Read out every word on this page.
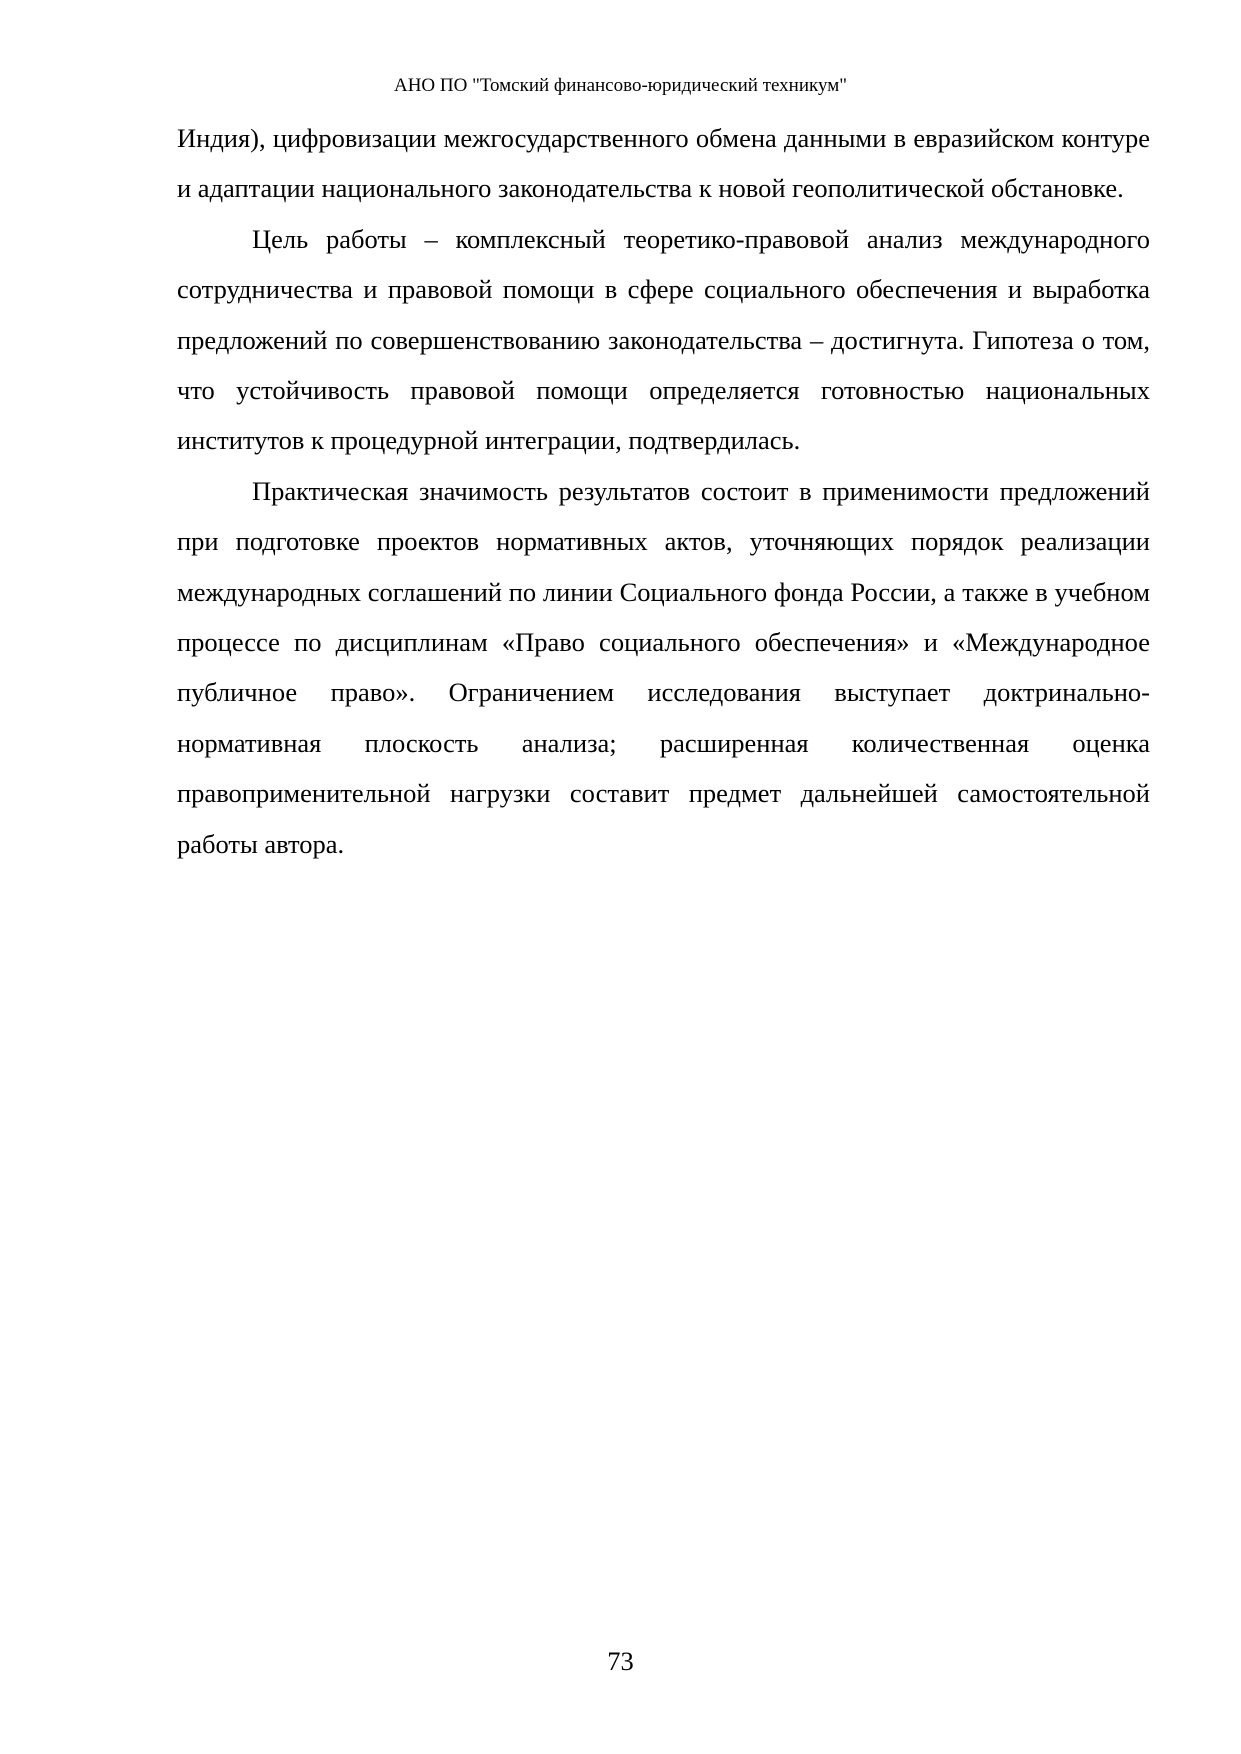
АНО ПО "Томский финансово-юридический техникум"

Индия), цифровизации межгосударственного обмена данными в евразийском контуре и адаптации национального законодательства к новой геополитической обстановке.

Цель работы – комплексный теоретико-правовой анализ международного сотрудничества и правовой помощи в сфере социального обеспечения и выработка предложений по совершенствованию законодательства – достигнута. Гипотеза о том, что устойчивость правовой помощи определяется готовностью национальных институтов к процедурной интеграции, подтвердилась.

Практическая значимость результатов состоит в применимости предложений при подготовке проектов нормативных актов, уточняющих порядок реализации международных соглашений по линии Социального фонда России, а также в учебном процессе по дисциплинам «Право социального обеспечения» и «Международное публичное право». Ограничением исследования выступает доктринально-нормативная плоскость анализа; расширенная количественная оценка правоприменительной нагрузки составит предмет дальнейшей самостоятельной работы автора.

73
